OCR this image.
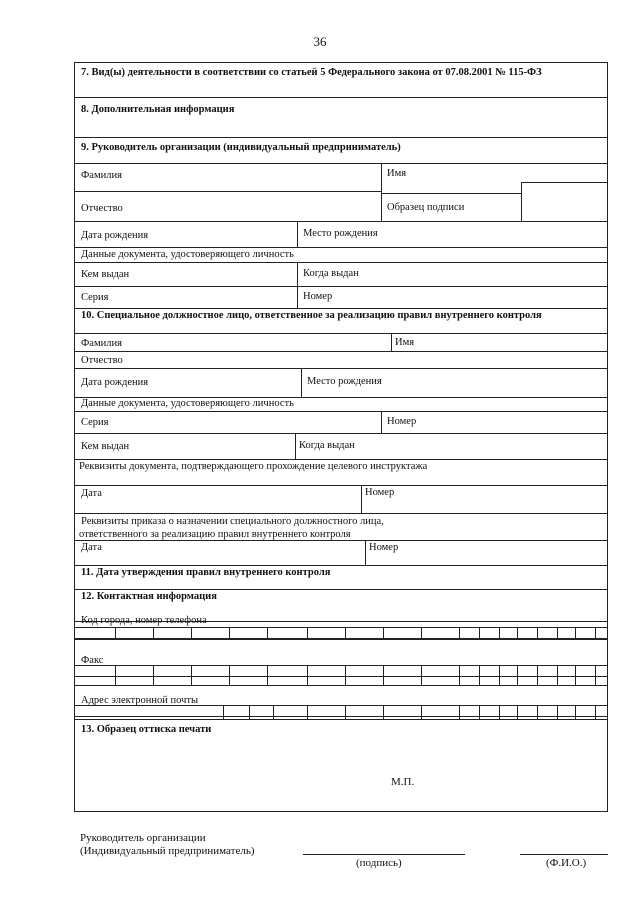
36
7. Вид(ы) деятельности в соответствии со статьей 5 Федерального закона от 07.08.2001 № 115-ФЗ
8. Дополнительная информация
9. Руководитель организации (индивидуальный предприниматель)
Фамилия	Имя
Отчество	Образец подписи
Дата рождения	Место рождения
Данные документа, удостоверяющего личность
Кем выдан	Когда выдан
Серия	Номер
10. Специальное должностное лицо, ответственное за реализацию правил внутреннего контроля
Фамилия	Имя
Отчество
Дата рождения	Место рождения
Данные документа, удостоверяющего личность
Серия	Номер
Кем выдан	Когда выдан
Реквизиты документа, подтверждающего прохождение целевого инструктажа
Дата	Номер
Реквизиты приказа о назначении специального должностного лица,
ответственного за реализацию правил внутреннего контроля
Дата	Номер
11. Дата утверждения правил внутреннего контроля
12. Контактная информация
Код города, номер телефона
Факс
Адрес электронной почты
13. Образец оттиска печати
М.П.
Руководитель организации
(Индивидуальный предприниматель)
(подпись)	(Ф.И.О.)
